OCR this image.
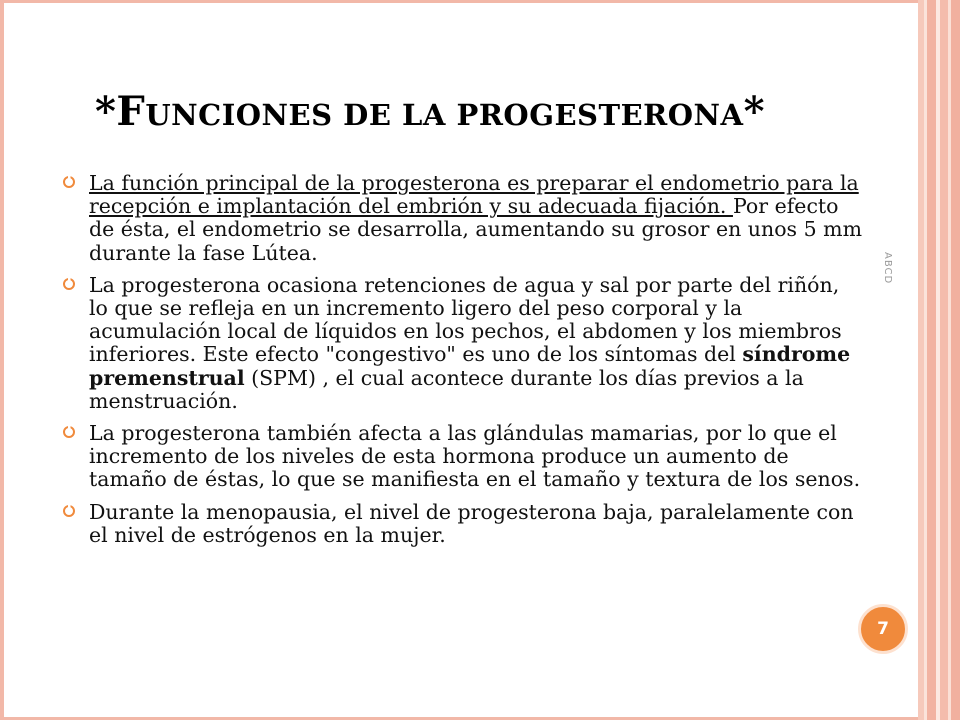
*FUNCIONES DE LA PROGESTERONA*
La función principal de la progesterona es preparar el endometrio para la recepción e implantación del embrión y su adecuada fijación. Por efecto de ésta, el endometrio se desarrolla, aumentando su grosor en unos 5 mm durante la fase Lútea.
La progesterona ocasiona retenciones de agua y sal por parte del riñón, lo que se refleja en un incremento ligero del peso corporal y la acumulación local de líquidos en los pechos, el abdomen y los miembros inferiores. Este efecto "congestivo" es uno de los síntomas del síndrome premenstrual (SPM) , el cual acontece durante los días previos a la menstruación.
La progesterona también afecta a las glándulas mamarias, por lo que el incremento de los niveles de esta hormona produce un aumento de tamaño de éstas, lo que se manifiesta en el tamaño y textura de los senos.
Durante la menopausia, el nivel de progesterona baja, paralelamente con el nivel de estrógenos en la mujer.
ABCD
7
